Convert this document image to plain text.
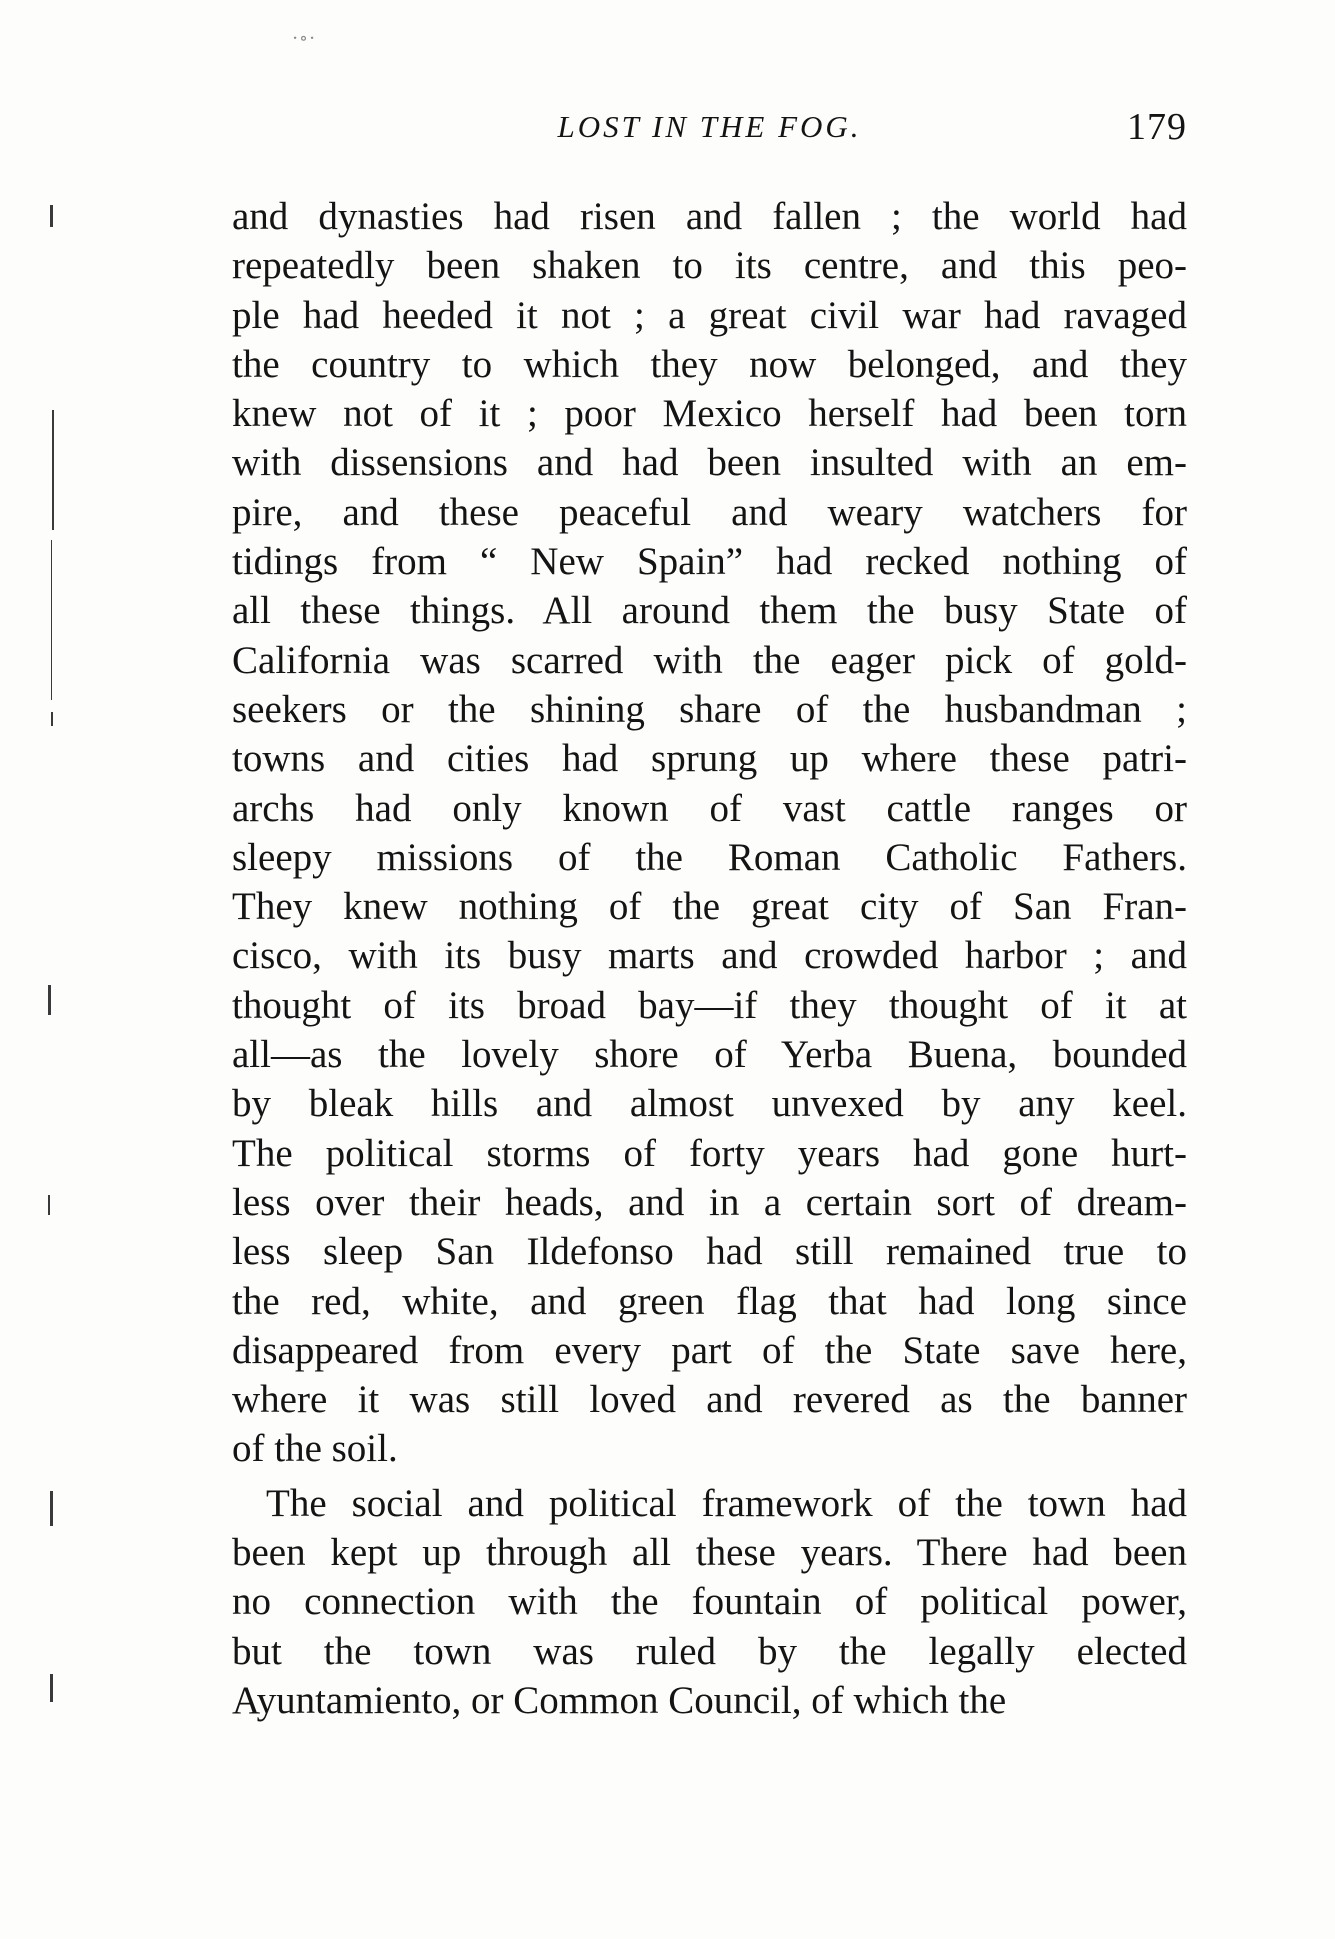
⋅∘⋅
LOST IN THE FOG.	179
and dynasties had risen and fallen ; the world had
repeatedly been shaken to its centre, and this peo-
ple had heeded it not ; a great civil war had ravaged
the country to which they now belonged, and they
knew not of it ; poor Mexico herself had been torn
with dissensions and had been insulted with an em-
pire, and these peaceful and weary watchers for
tidings from “ New Spain” had recked nothing of
all these things. All around them the busy State of
California was scarred with the eager pick of gold-
seekers or the shining share of the husbandman ;
towns and cities had sprung up where these patri-
archs had only known of vast cattle ranges or
sleepy missions of the Roman Catholic Fathers.
They knew nothing of the great city of San Fran-
cisco, with its busy marts and crowded harbor ; and
thought of its broad bay—if they thought of it at
all—as the lovely shore of Yerba Buena, bounded
by bleak hills and almost unvexed by any keel.
The political storms of forty years had gone hurt-
less over their heads, and in a certain sort of dream-
less sleep San Ildefonso had still remained true to
the red, white, and green flag that had long since
disappeared from every part of the State save here,
where it was still loved and revered as the banner
of the soil.
The social and political framework of the town had
been kept up through all these years. There had been
no connection with the fountain of political power,
but the town was ruled by the legally elected
Ayuntamiento, or Common Council, of which the
